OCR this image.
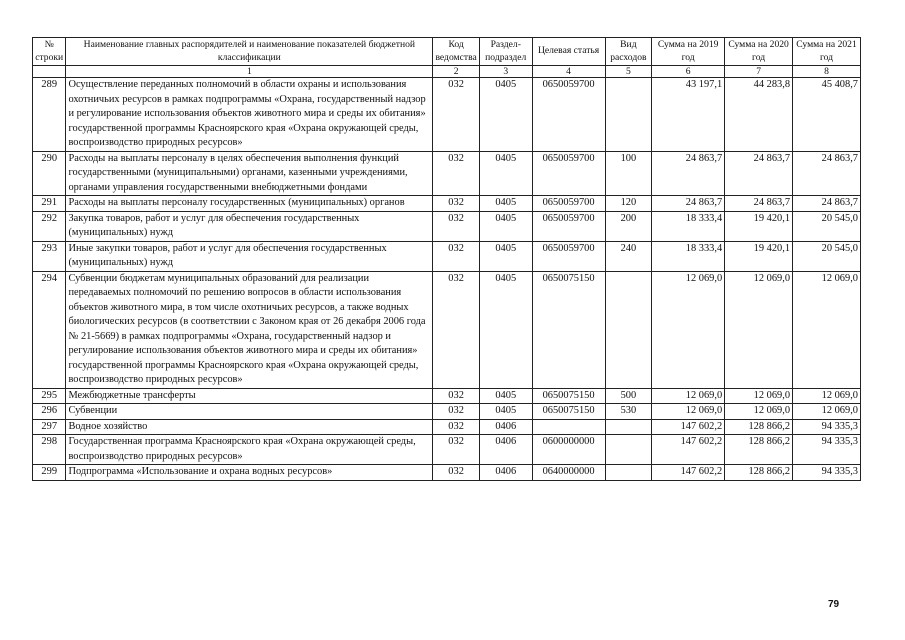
№ строки	Наименование главных распорядителей и наименование показателей бюджетной классификации	Код ведомства	Раздел-подраздел	Целевая статья	Вид расходов	Сумма на 2019 год	Сумма на 2020 год	Сумма на 2021 год
	1	2	3	4	5	6	7	8
289	Осуществление переданных полномочий в области охраны и использования охотничьих ресурсов в рамках подпрограммы «Охрана, государственный надзор и регулирование использования объектов животного мира и среды их обитания» государственной программы Красноярского края «Охрана окружающей среды, воспроизводство природных ресурсов»	032	0405	0650059700		43 197,1	44 283,8	45 408,7
290	Расходы на выплаты персоналу в целях обеспечения выполнения функций государственными (муниципальными) органами, казенными учреждениями, органами управления государственными внебюджетными фондами	032	0405	0650059700	100	24 863,7	24 863,7	24 863,7
291	Расходы на выплаты персоналу государственных (муниципальных) органов	032	0405	0650059700	120	24 863,7	24 863,7	24 863,7
292	Закупка товаров, работ и услуг для обеспечения государственных (муниципальных) нужд	032	0405	0650059700	200	18 333,4	19 420,1	20 545,0
293	Иные закупки товаров, работ и услуг для обеспечения государственных (муниципальных) нужд	032	0405	0650059700	240	18 333,4	19 420,1	20 545,0
294	Субвенции бюджетам муниципальных образований для реализации передаваемых полномочий по решению вопросов в области использования объектов животного мира, в том числе охотничьих ресурсов, а также водных биологических ресурсов (в соответствии с Законом края от 26 декабря 2006 года № 21-5669) в рамках подпрограммы «Охрана, государственный надзор и регулирование использования объектов животного мира и среды их обитания» государственной программы Красноярского края «Охрана окружающей среды, воспроизводство природных ресурсов»	032	0405	0650075150		12 069,0	12 069,0	12 069,0
295	Межбюджетные трансферты	032	0405	0650075150	500	12 069,0	12 069,0	12 069,0
296	Субвенции	032	0405	0650075150	530	12 069,0	12 069,0	12 069,0
297	Водное хозяйство	032	0406			147 602,2	128 866,2	94 335,3
298	Государственная программа Красноярского края «Охрана окружающей среды, воспроизводство природных ресурсов»	032	0406	0600000000		147 602,2	128 866,2	94 335,3
299	Подпрограмма «Использование и охрана водных ресурсов»	032	0406	0640000000		147 602,2	128 866,2	94 335,3
79
